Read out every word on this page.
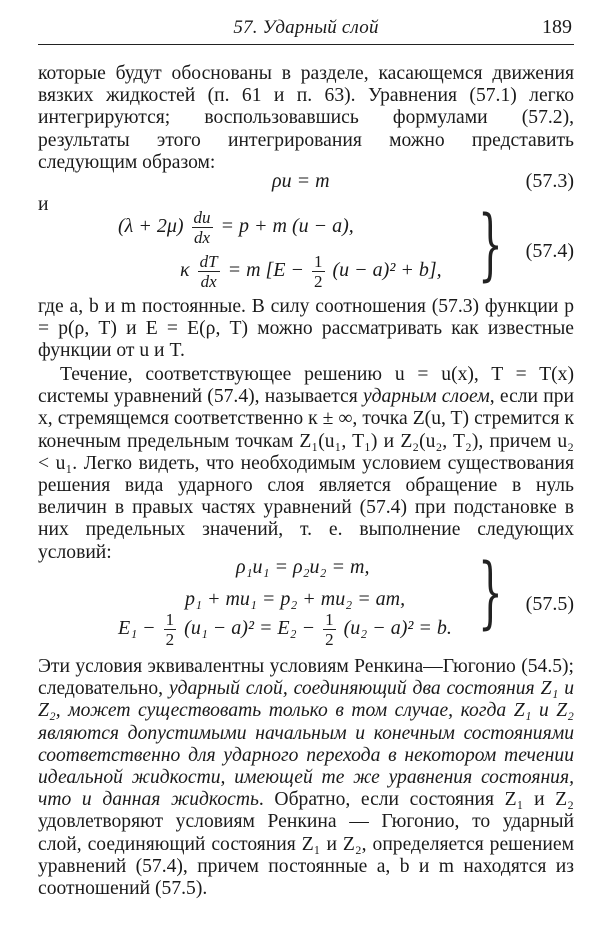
57. Ударный слой	189
которые будут обоснованы в разделе, касающемся движения вязких жидкостей (п. 61 и п. 63). Уравнения (57.1) легко интегрируются; воспользовавшись формулами (57.2), результаты этого интегрирования можно представить следующим образом:
ρu = m	(57.3)
и
$(\lambda + 2\mu) \frac{du}{dx} = p + m$ (u − a),
κ $\frac{dT}{dx} = m$ $[E - \frac{1}{2} (u - a)^2 + b]$, } (57.4)
где a, b и m постоянные. В силу соотношения (57.3) функции p = p(ρ, T) и E = E(ρ, T) можно рассматривать как известные функции от u и T.
Течение, соответствующее решению u = u(x), T = T(x) системы уравнений (57.4), называется ударным слоем, если при x, стремящемся соответственно к ± ∞, точка Z(u, T) стремится к конечным предельным точкам Z₁(u₁, T₁) и Z₂(u₂, T₂), причем u₂ < u₁. Легко видеть, что необходимым условием существования решения вида ударного слоя является обращение в нуль величин в правых частях уравнений (57.4) при подстановке в них предельных значений, т. е. выполнение следующих условий:
ρ₁u₁ = ρ₂u₂ = m,
p₁ + mu₁ = p₂ + mu₂ = am,
$E_1 - \frac{1}{2} (u_1 - a)^2 = E_2 - \frac{1}{2} (u_2 - a)^2 = b$. } (57.5)
Эти условия эквивалентны условиям Ренкина—Гюгонио (54.5); следовательно, ударный слой, соединяющий два состояния Z₁ и Z₂, может существовать только в том случае, когда Z₁ и Z₂ являются допустимыми начальным и конечным состояниями соответственно для ударного перехода в некотором течении идеальной жидкости, имеющей те же уравнения состояния, что и данная жидкость. Обратно, если состояния Z₁ и Z₂ удовлетворяют условиям Ренкина — Гюгонио, то ударный слой, соединяющий состояния Z₁ и Z₂, определяется решением уравнений (57.4), причем постоянные a, b и m находятся из соотношений (57.5).
